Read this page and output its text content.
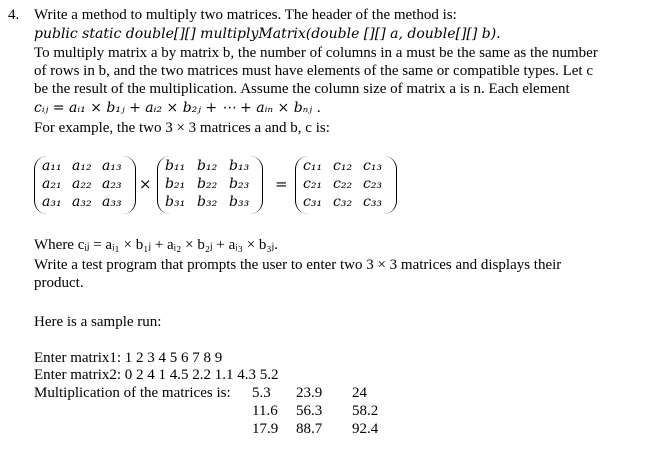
4. Write a method to multiply two matrices. The header of the method is:
public static double[][] multiplyMatrix(double [][] a, double[][] b).
To multiply matrix a by matrix b, the number of columns in a must be the same as the number
of rows in b, and the two matrices must have elements of the same or compatible types. Let c
be the result of the multiplication. Assume the column size of matrix a is n. Each element
cᵢⱼ = aᵢ₁ × b₁ⱼ + aᵢ₂ × b₂ⱼ + ⋯ + aᵢₙ × bₙⱼ .
For example, the two 3 × 3 matrices a and b, c is:
a₁₁ a₁₂ a₁₃
a₂₁ a₂₂ a₂₃
a₃₁ a₃₂ a₃₃
×
b₁₁ b₁₂ b₁₃
b₂₁ b₂₂ b₂₃
b₃₁ b₃₂ b₃₃
=
c₁₁ c₁₂ c₁₃
c₂₁ c₂₂ c₂₃
c₃₁ c₃₂ c₃₃
Where cᵢⱼ = aᵢ₁ × b₁ⱼ + aᵢ₂ × b₂ⱼ + aᵢ₃ × b₃ⱼ.
Write a test program that prompts the user to enter two 3 × 3 matrices and displays their
product.
Here is a sample run:
Enter matrix1: 1 2 3 4 5 6 7 8 9
Enter matrix2: 0 2 4 1 4.5 2.2 1.1 4.3 5.2
Multiplication of the matrices is: 5.3 23.9 24
11.6 56.3 58.2
17.9 88.7 92.4
